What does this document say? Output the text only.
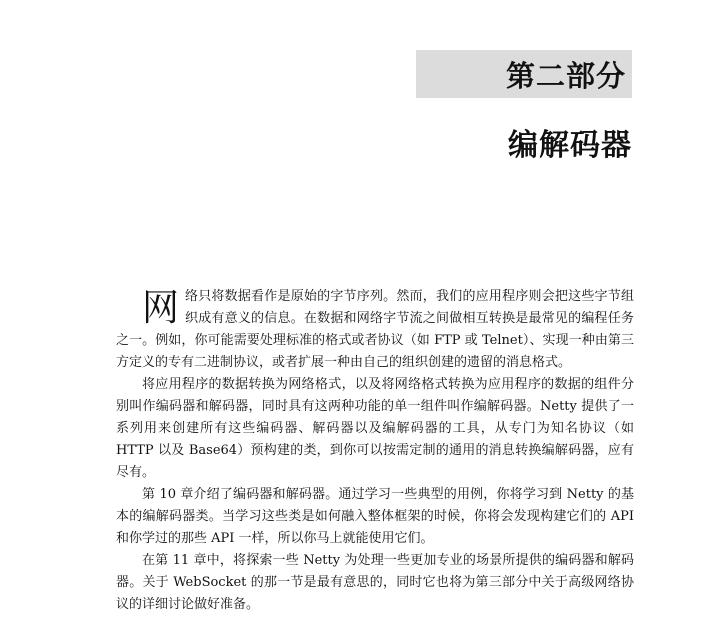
第二部分
编解码器

网络只将数据看作是原始的字节序列。然而，我们的应用程序则会把这些字节组织成有意义的信息。在数据和网络字节流之间做相互转换是最常见的编程任务之一。例如，你可能需要处理标准的格式或者协议（如 FTP 或 Telnet）、实现一种由第三方定义的专有二进制协议，或者扩展一种由自己的组织创建的遗留的消息格式。

将应用程序的数据转换为网络格式，以及将网络格式转换为应用程序的数据的组件分别叫作编码器和解码器，同时具有这两种功能的单一组件叫作编解码器。Netty 提供了一系列用来创建所有这些编码器、解码器以及编解码器的工具，从专门为知名协议（如 HTTP 以及 Base64）预构建的类，到你可以按需定制的通用的消息转换编解码器，应有尽有。

第 10 章介绍了编码器和解码器。通过学习一些典型的用例，你将学习到 Netty 的基本的编解码器类。当学习这些类是如何融入整体框架的时候，你将会发现构建它们的 API 和你学过的那些 API 一样，所以你马上就能使用它们。

在第 11 章中，将探索一些 Netty 为处理一些更加专业的场景所提供的编码器和解码器。关于 WebSocket 的那一节是最有意思的，同时它也将为第三部分中关于高级网络协议的详细讨论做好准备。
